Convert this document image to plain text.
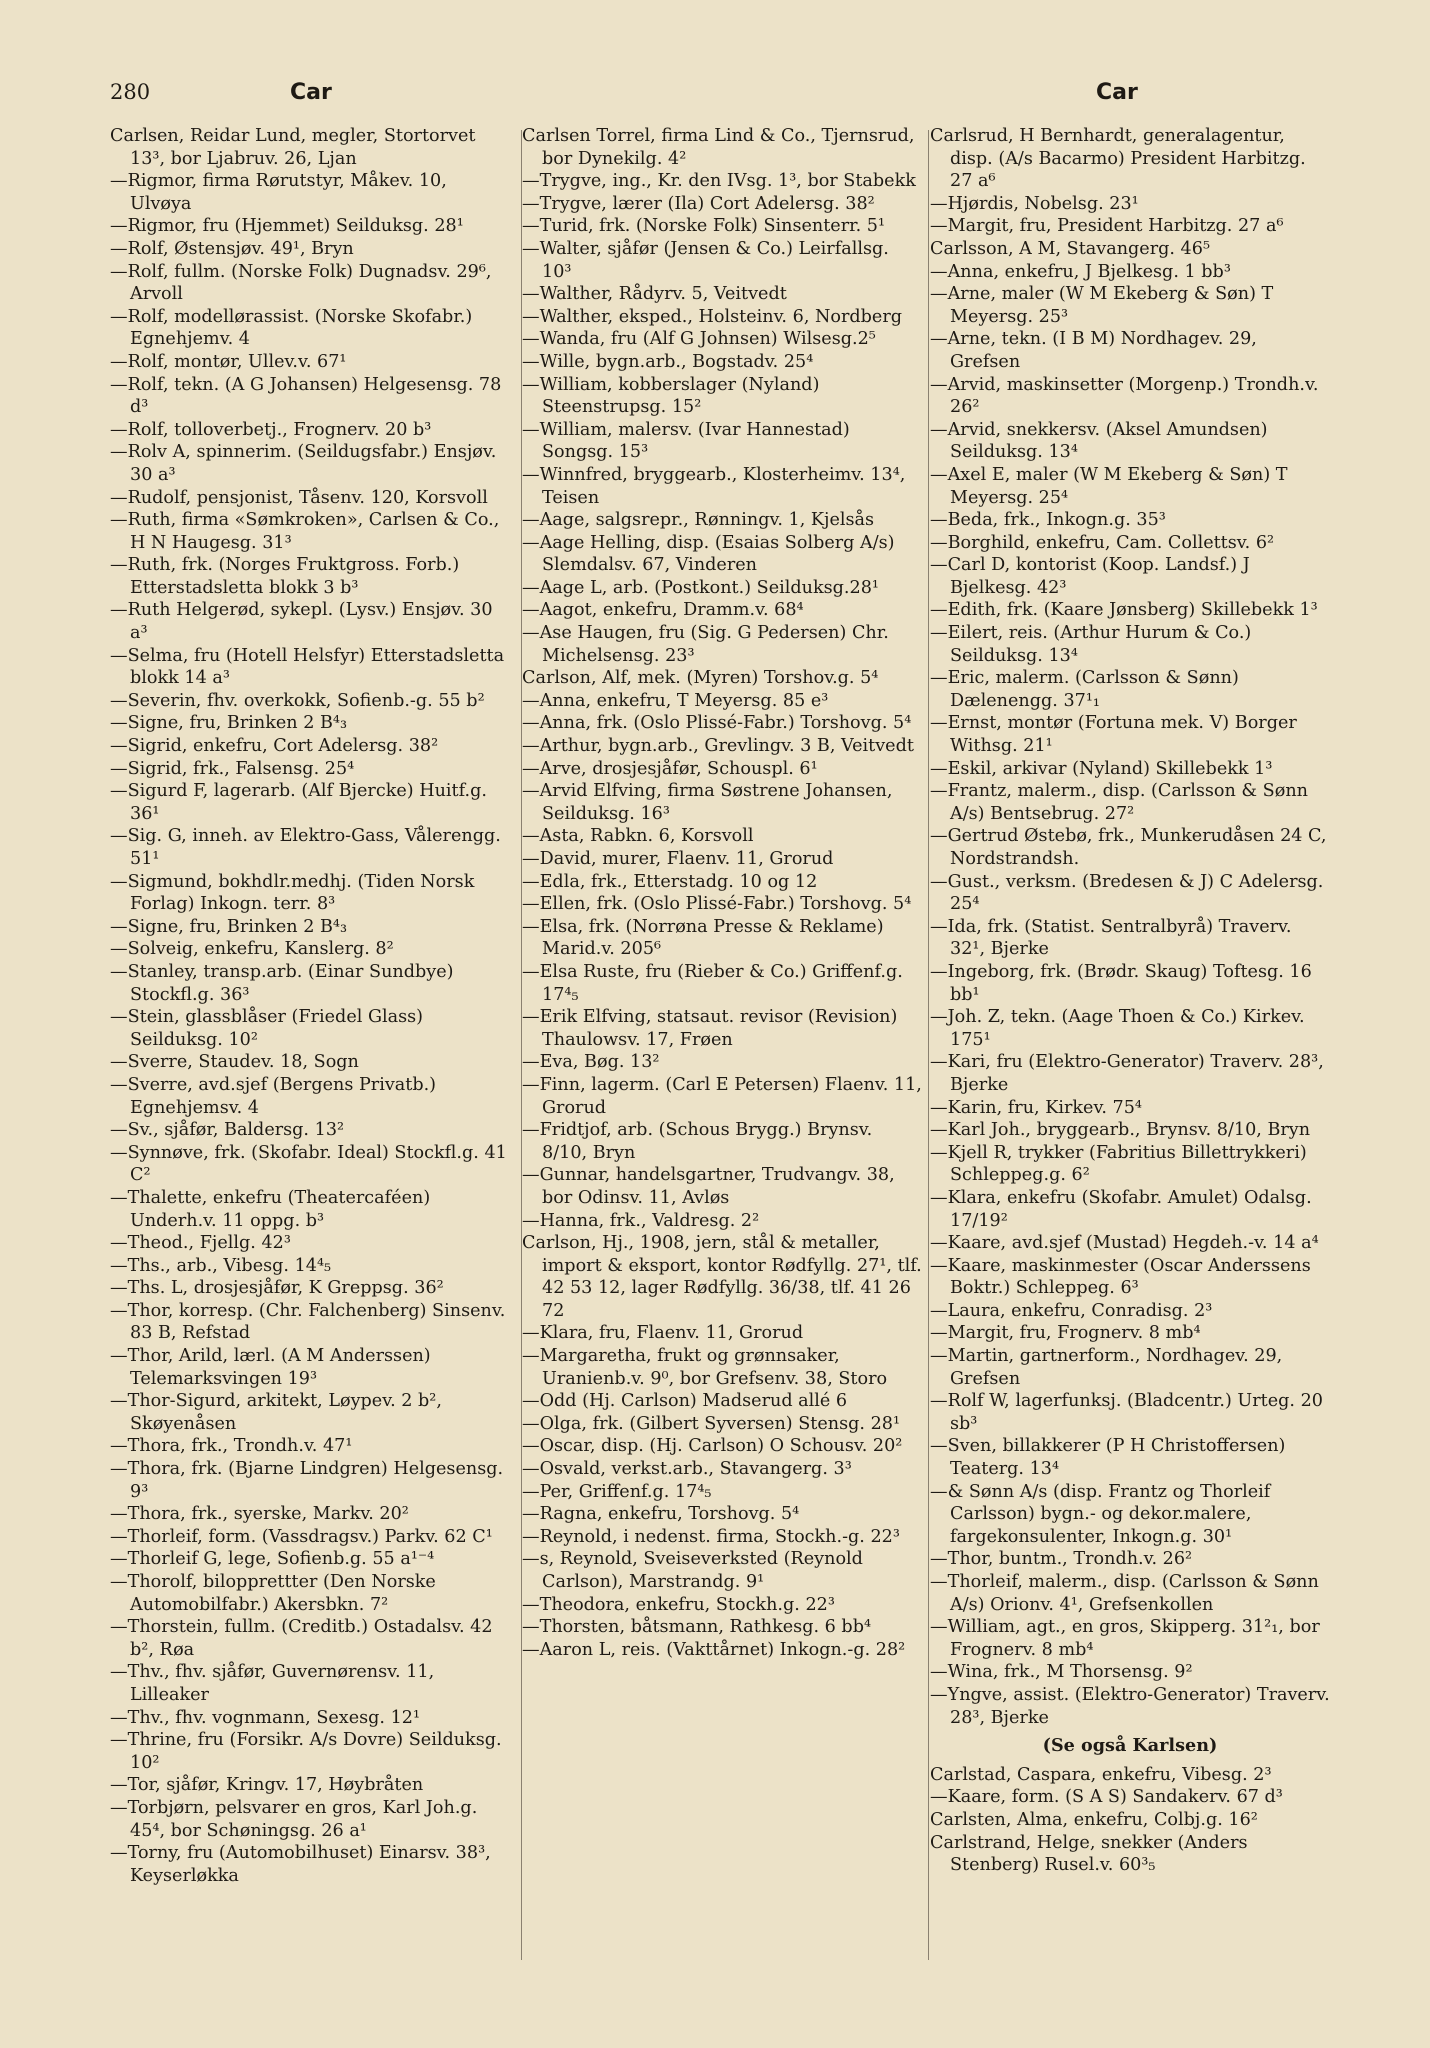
280	Car	Car
Carlsen, Reidar Lund, megler, Stortorvet 13³, bor Ljabruv. 26, Ljan
—Rigmor, firma Rørutstyr, Måkev. 10, Ulvøya
—Rigmor, fru (Hjemmet) Seilduksg. 28¹
—Rolf, Østensjøv. 49¹, Bryn
—Rolf, fullm. (Norske Folk) Dugnadsv. 29⁶, Arvoll
—Rolf, modellørassist. (Norske Skofabr.) Egnehjemv. 4
—Rolf, montør, Ullev.v. 67¹
—Rolf, tekn. (A G Johansen) Helgesensg. 78 d³
—Rolf, tolloverbetj., Frognerv. 20 b³
—Rolv A, spinnerim. (Seildugsfabr.) Ensjøv. 30 a³
—Rudolf, pensjonist, Tåsenv. 120, Korsvoll
—Ruth, firma «Sømkroken», Carlsen & Co., H N Haugesg. 31³
—Ruth, frk. (Norges Fruktgross. Forb.) Etterstadsletta blokk 3 b³
—Ruth Helgerød, sykepl. (Lysv.) Ensjøv. 30 a³
—Selma, fru (Hotell Helsfyr) Etterstadsletta blokk 14 a³
—Severin, fhv. overkokk, Sofienb.-g. 55 b²
—Signe, fru, Brinken 2 B⁴₃
—Sigrid, enkefru, Cort Adelersg. 38²
—Sigrid, frk., Falsensg. 25⁴
—Sigurd F, lagerarb. (Alf Bjercke) Huitf.g. 36¹
—Sig. G, inneh. av Elektro-Gass, Vålerengg. 51¹
—Sigmund, bokhdlr.medhj. (Tiden Norsk Forlag) Inkogn. terr. 8³
—Signe, fru, Brinken 2 B⁴₃
—Solveig, enkefru, Kanslerg. 8²
—Stanley, transp.arb. (Einar Sundbye) Stockfl.g. 36³
—Stein, glassblåser (Friedel Glass) Seilduksg. 10²
—Sverre, Staudev. 18, Sogn
—Sverre, avd.sjef (Bergens Privatb.) Egnehjemsv. 4
—Sv., sjåfør, Baldersg. 13²
—Synnøve, frk. (Skofabr. Ideal) Stockfl.g. 41 C²
—Thalette, enkefru (Theatercaféen) Underh.v. 11 oppg. b³
—Theod., Fjellg. 42³
—Ths., arb., Vibesg. 14⁴₅
—Ths. L, drosjesjåfør, K Greppsg. 36²
—Thor, korresp. (Chr. Falchenberg) Sinsenv. 83 B, Refstad
—Thor, Arild, lærl. (A M Anderssen) Telemarksvingen 19³
—Thor-Sigurd, arkitekt, Løypev. 2 b², Skøyenåsen
—Thora, frk., Trondh.v. 47¹
—Thora, frk. (Bjarne Lindgren) Helgesensg. 9³
—Thora, frk., syerske, Markv. 20²
—Thorleif, form. (Vassdragsv.) Parkv. 62 C¹
—Thorleif G, lege, Sofienb.g. 55 a¹⁻⁴
—Thorolf, bilopprettter (Den Norske Automobilfabr.) Akersbkn. 7²
—Thorstein, fullm. (Creditb.) Ostadalsv. 42 b², Røa
—Thv., fhv. sjåfør, Guvernørensv. 11, Lilleaker
—Thv., fhv. vognmann, Sexesg. 12¹
—Thrine, fru (Forsikr. A/s Dovre) Seilduksg. 10²
—Tor, sjåfør, Kringv. 17, Høybråten
—Torbjørn, pelsvarer en gros, Karl Joh.g. 45⁴, bor Schøningsg. 26 a¹
—Torny, fru (Automobilhuset) Einarsv. 38³, Keyserløkka
Carlsen Torrel, firma Lind & Co., Tjernsrud, bor Dynekilg. 4²
—Trygve, ing., Kr. den IVsg. 1³, bor Stabekk
—Trygve, lærer (Ila) Cort Adelersg. 38²
—Turid, frk. (Norske Folk) Sinsenterr. 5¹
—Walter, sjåfør (Jensen & Co.) Leirfallsg. 10³
—Walther, Rådyrv. 5, Veitvedt
—Walther, eksped., Holsteinv. 6, Nordberg
—Wanda, fru (Alf G Johnsen) Wilsesg.2⁵
—Wille, bygn.arb., Bogstadv. 25⁴
—William, kobberslager (Nyland) Steenstrupsg. 15²
—William, malersv. (Ivar Hannestad) Songsg. 15³
—Winnfred, bryggearb., Klosterheimv. 13⁴, Teisen
—Aage, salgsrepr., Rønningv. 1, Kjelsås
—Aage Helling, disp. (Esaias Solberg A/s) Slemdalsv. 67, Vinderen
—Aage L, arb. (Postkont.) Seilduksg.28¹
—Aagot, enkefru, Dramm.v. 68⁴
—Ase Haugen, fru (Sig. G Pedersen) Chr. Michelsensg. 23³
Carlson, Alf, mek. (Myren) Torshov.g. 5⁴
—Anna, enkefru, T Meyersg. 85 e³
—Anna, frk. (Oslo Plissé-Fabr.) Torshovg. 5⁴
—Arthur, bygn.arb., Grevlingv. 3 B, Veitvedt
—Arve, drosjesjåfør, Schouspl. 6¹
—Arvid Elfving, firma Søstrene Johansen, Seilduksg. 16³
—Asta, Rabkn. 6, Korsvoll
—David, murer, Flaenv. 11, Grorud
—Edla, frk., Etterstadg. 10 og 12
—Ellen, frk. (Oslo Plissé-Fabr.) Torshovg. 5⁴
—Elsa, frk. (Norrøna Presse & Reklame) Marid.v. 205⁶
—Elsa Ruste, fru (Rieber & Co.) Griffenf.g. 17⁴₅
—Erik Elfving, statsaut. revisor (Revision) Thaulowsv. 17, Frøen
—Eva, Bøg. 13²
—Finn, lagerm. (Carl E Petersen) Flaenv. 11, Grorud
—Fridtjof, arb. (Schous Brygg.) Brynsv. 8/10, Bryn
—Gunnar, handelsgartner, Trudvangv. 38, bor Odinsv. 11, Avløs
—Hanna, frk., Valdresg. 2²
Carlson, Hj., 1908, jern, stål & metaller, import & eksport, kontor Rødfyllg. 27¹, tlf. 42 53 12, lager Rødfyllg. 36/38, tlf. 41 26 72
—Klara, fru, Flaenv. 11, Grorud
—Margaretha, frukt og grønnsaker, Uranienb.v. 9⁰, bor Grefsenv. 38, Storo
—Odd (Hj. Carlson) Madserud allé 6
—Olga, frk. (Gilbert Syversen) Stensg. 28¹
—Oscar, disp. (Hj. Carlson) O Schousv. 20²
—Osvald, verkst.arb., Stavangerg. 3³
—Per, Griffenf.g. 17⁴₅
—Ragna, enkefru, Torshovg. 5⁴
—Reynold, i nedenst. firma, Stockh.-g. 22³
—s, Reynold, Sveiseverksted (Reynold Carlson), Marstrandg. 9¹
—Theodora, enkefru, Stockh.g. 22³
—Thorsten, båtsmann, Rathkesg. 6 bb⁴
—Aaron L, reis. (Vakttårnet) Inkogn.-g. 28²
Carlsrud, H Bernhardt, generalagentur, disp. (A/s Bacarmo) President Harbitzg. 27 a⁶
—Hjørdis, Nobelsg. 23¹
—Margit, fru, President Harbitzg. 27 a⁶
Carlsson, A M, Stavangerg. 46⁵
—Anna, enkefru, J Bjelkesg. 1 bb³
—Arne, maler (W M Ekeberg & Søn) T Meyersg. 25³
—Arne, tekn. (I B M) Nordhagev. 29, Grefsen
—Arvid, maskinsetter (Morgenp.) Trondh.v. 26²
—Arvid, snekkersv. (Aksel Amundsen) Seilduksg. 13⁴
—Axel E, maler (W M Ekeberg & Søn) T Meyersg. 25⁴
—Beda, frk., Inkogn.g. 35³
—Borghild, enkefru, Cam. Collettsv. 6²
—Carl D, kontorist (Koop. Landsf.) J Bjelkesg. 42³
—Edith, frk. (Kaare Jønsberg) Skillebekk 1³
—Eilert, reis. (Arthur Hurum & Co.) Seilduksg. 13⁴
—Eric, malerm. (Carlsson & Sønn) Dælenengg. 37¹₁
—Ernst, montør (Fortuna mek. V) Borger Withsg. 21¹
—Eskil, arkivar (Nyland) Skillebekk 1³
—Frantz, malerm., disp. (Carlsson & Sønn A/s) Bentsebrug. 27²
—Gertrud Østebø, frk., Munkerudåsen 24 C, Nordstrandsh.
—Gust., verksm. (Bredesen & J) C Adelersg. 25⁴
—Ida, frk. (Statist. Sentralbyrå) Traverv. 32¹, Bjerke
—Ingeborg, frk. (Brødr. Skaug) Toftesg. 16 bb¹
—Joh. Z, tekn. (Aage Thoen & Co.) Kirkev. 175¹
—Kari, fru (Elektro-Generator) Traverv. 28³, Bjerke
—Karin, fru, Kirkev. 75⁴
—Karl Joh., bryggearb., Brynsv. 8/10, Bryn
—Kjell R, trykker (Fabritius Billettrykkeri) Schleppeg.g. 6²
—Klara, enkefru (Skofabr. Amulet) Odalsg. 17/19²
—Kaare, avd.sjef (Mustad) Hegdeh.-v. 14 a⁴
—Kaare, maskinmester (Oscar Anderssens Boktr.) Schleppeg. 6³
—Laura, enkefru, Conradisg. 2³
—Margit, fru, Frognerv. 8 mb⁴
—Martin, gartnerform., Nordhagev. 29, Grefsen
—Rolf W, lagerfunksj. (Bladcentr.) Urteg. 20 sb³
—Sven, billakkerer (P H Christoffersen) Teaterg. 13⁴
—& Sønn A/s (disp. Frantz og Thorleif Carlsson) bygn.- og dekor.malere, fargekonsulenter, Inkogn.g. 30¹
—Thor, buntm., Trondh.v. 26²
—Thorleif, malerm., disp. (Carlsson & Sønn A/s) Orionv. 4¹, Grefsenkollen
—William, agt., en gros, Skipperg. 31²₁, bor Frognerv. 8 mb⁴
—Wina, frk., M Thorsensg. 9²
—Yngve, assist. (Elektro-Generator) Traverv. 28³, Bjerke
(Se også Karlsen)
Carlstad, Caspara, enkefru, Vibesg. 2³
—Kaare, form. (S A S) Sandakerv. 67 d³
Carlsten, Alma, enkefru, Colbj.g. 16²
Carlstrand, Helge, snekker (Anders Stenberg) Rusel.v. 60³₅
